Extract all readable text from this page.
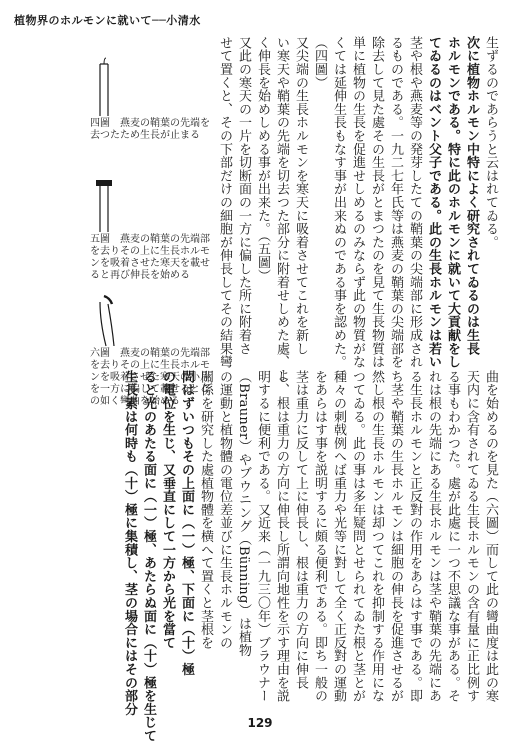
植物界のホルモンに就いて──小清水
生ずるのであらうと云はれてゐる。
次に植物ホルモン中特によく研究されてゐるのは生長
ホルモンである。特に此のホルモンに就いて大貢献をし
てゐるのはベント父子である。此の生長ホルモンは若い
茎や根や燕麦等の発芽したての鞘葉の尖端部に形成され
るものである。一九二七年氏等は燕麦の鞘葉の尖端部を
除去して見た處その生長がとまつたのを見て生長物質は
単に植物の生長を促進せしめるのみならず此の物質がな
くては延伸生長もなす事が出来ぬのである事を認めた。
（四圖）
又尖端の生長ホルモンを寒天に吸着させてこれを新し
い寒天や鞘葉の先端を切去つた部分に附着せしめた處、よ
く伸長を始めしめる事が出来た。（五圖）
又此の寒天の一片を切断面の一方に偏した所に附着さ
せて置くと、その下部だけの細胞が伸長してその結果彎
四圖　 燕麦の鞘葉の先端を去つたため生長が止まる
五圖　 燕麦の鞘葉の先端部を去りその上に生長ホルモンを吸着させた寒天を載せると再び伸長を始める
六圖　 燕麦の鞘葉の先端部を去りその上に生長ホルモンを吸着させた寒天の小片を一方に偏して載せるとこの如く彎曲を始める	曲を始めるのを見た（六圖）而して此の彎曲度は此の寒
天内に含有されてゐる生長ホルモンの含有量に正比例す
る事もわかつた。處が此處に一つ不思議な事がある。そ
れは根の先端にある生長ホルモンは茎や鞘葉の先端にあ
る生長ホルモンと正反對の作用をあらはす事である。即
ち茎や鞘葉の生長ホルモンは細胞の伸長を促進させるが
然し根の生長ホルモンは却つてこれを抑制する作用にな
つてゐる。此の事は多年疑問とせられてゐた根と茎とが
種々の刺戟例へば重力や光等に對して全く正反對の運動
をあらはす事を説明するに頗る便利である。即ち一般の
茎は重力に反して上に伸長し、根は重力の方向に伸長
し、根は重力の方向に伸長し所謂向地性を示す理由を説
明するに便利である。又近来（一九三〇年）ブラウナー
（Brauner）やブウニング（Bünning）は植物
の運動と植物體の電位差並びに生長ホルモンの
關係を研究した處植物體を横へて置くと茎根を
問はずいつもその上面に（一）極、下面に（十）極
の電位を生じ、又垂直にして一方から光を當て
ると光のあたる面に（一）極、あたらぬ面に（十）極を生じて
生長素は何時も（十）極に集積し、茎の場合にはその部分
129
